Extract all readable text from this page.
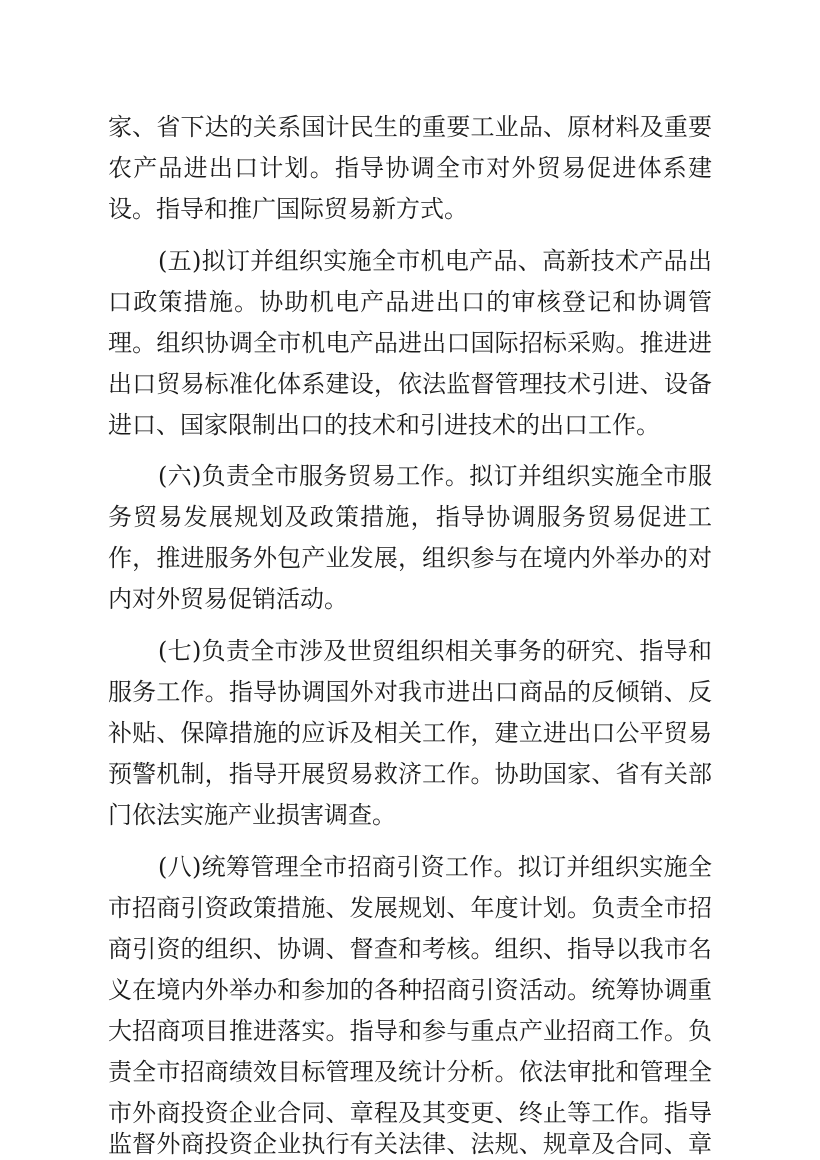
家、省下达的关系国计民生的重要工业品、原材料及重要
农产品进出口计划。指导协调全市对外贸易促进体系建
设。指导和推广国际贸易新方式。
(五)拟订并组织实施全市机电产品、高新技术产品出
口政策措施。协助机电产品进出口的审核登记和协调管
理。组织协调全市机电产品进出口国际招标采购。推进进
出口贸易标准化体系建设，依法监督管理技术引进、设备
进口、国家限制出口的技术和引进技术的出口工作。
(六)负责全市服务贸易工作。拟订并组织实施全市服
务贸易发展规划及政策措施，指导协调服务贸易促进工
作，推进服务外包产业发展，组织参与在境内外举办的对
内对外贸易促销活动。
(七)负责全市涉及世贸组织相关事务的研究、指导和
服务工作。指导协调国外对我市进出口商品的反倾销、反
补贴、保障措施的应诉及相关工作，建立进出口公平贸易
预警机制，指导开展贸易救济工作。协助国家、省有关部
门依法实施产业损害调查。
(八)统筹管理全市招商引资工作。拟订并组织实施全
市招商引资政策措施、发展规划、年度计划。负责全市招
商引资的组织、协调、督查和考核。组织、指导以我市名
义在境内外举办和参加的各种招商引资活动。统筹协调重
大招商项目推进落实。指导和参与重点产业招商工作。负
责全市招商绩效目标管理及统计分析。依法审批和管理全
市外商投资企业合同、章程及其变更、终止等工作。指导
监督外商投资企业执行有关法律、法规、规章及合同、章
